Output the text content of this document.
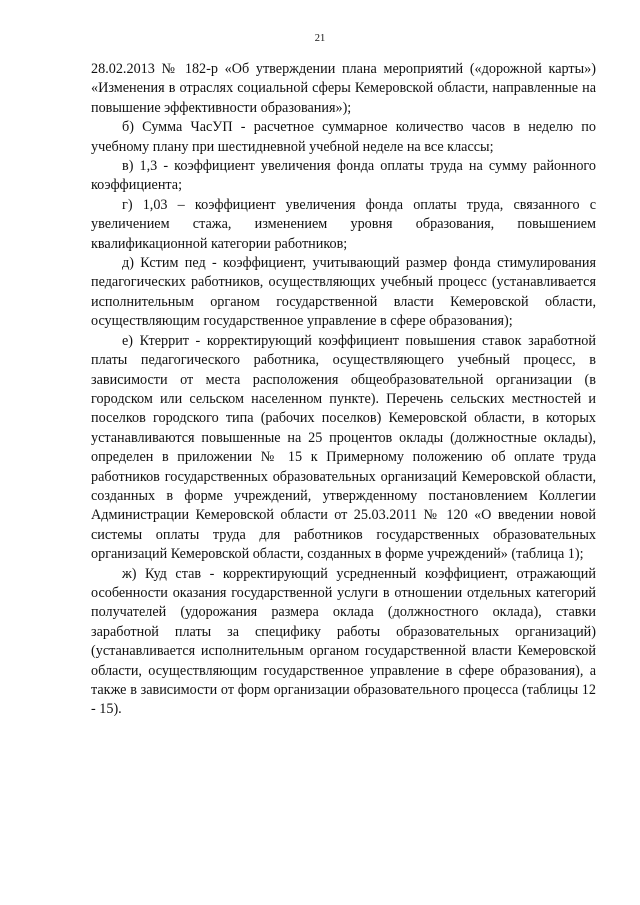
21

28.02.2013 № 182-р «Об утверждении плана мероприятий («дорожной карты») «Изменения в отраслях социальной сферы Кемеровской области, направленные на повышение эффективности образования»);

б) Сумма ЧасУП - расчетное суммарное количество часов в неделю по учебному плану при шестидневной учебной неделе на все классы;

в) 1,3 - коэффициент увеличения фонда оплаты труда на сумму районного коэффициента;

г) 1,03 – коэффициент увеличения фонда оплаты труда, связанного с увеличением стажа, изменением уровня образования, повышением квалификационной категории работников;

д) Кстим пед - коэффициент, учитывающий размер фонда стимулирования педагогических работников, осуществляющих учебный процесс (устанавливается исполнительным органом государственной власти Кемеровской области, осуществляющим государственное управление в сфере образования);

е) Ктеррит - корректирующий коэффициент повышения ставок заработной платы педагогического работника, осуществляющего учебный процесс, в зависимости от места расположения общеобразовательной организации (в городском или сельском населенном пункте). Перечень сельских местностей и поселков городского типа (рабочих поселков) Кемеровской области, в которых устанавливаются повышенные на 25 процентов оклады (должностные оклады), определен в приложении № 15 к Примерному положению об оплате труда работников государственных образовательных организаций Кемеровской области, созданных в форме учреждений, утвержденному постановлением Коллегии Администрации Кемеровской области от 25.03.2011 № 120 «О введении новой системы оплаты труда для работников государственных образовательных организаций Кемеровской области, созданных в форме учреждений» (таблица 1);

ж) Куд став - корректирующий усредненный коэффициент, отражающий особенности оказания государственной услуги в отношении отдельных категорий получателей (удорожания размера оклада (должностного оклада), ставки заработной платы за специфику работы образовательных организаций) (устанавливается исполнительным органом государственной власти Кемеровской области, осуществляющим государственное управление в сфере образования), а также в зависимости от форм организации образовательного процесса (таблицы 12 - 15).
